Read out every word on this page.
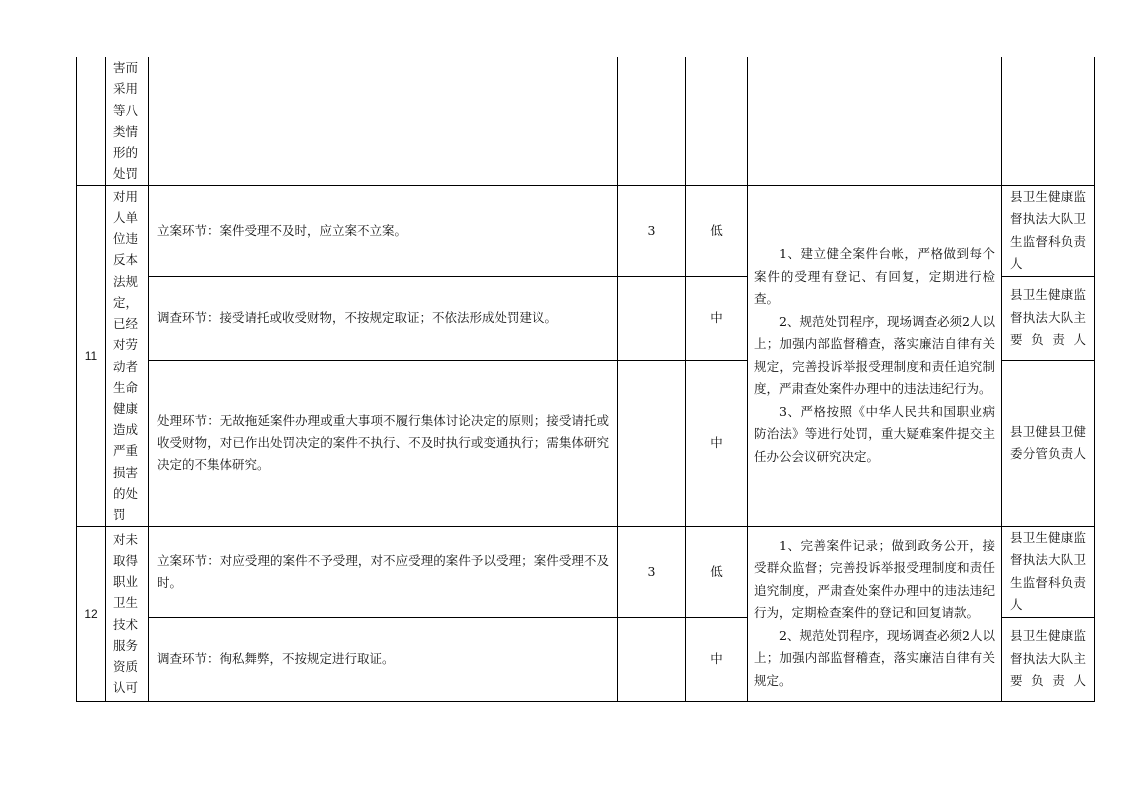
	害而采用等八类情形的处罚					

11	对用人单位违反本法规定，已经对劳动者生命健康造成严重损害的处罚	立案环节：案件受理不及时，应立案不立案。	3	低	1、建立健全案件台帐，严格做到每个案件的受理有登记、有回复，定期进行检查。

2、规范处罚程序，现场调查必须2人以上；加强内部监督稽查，落实廉洁自律有关规定，完善投诉举报受理制度和责任追究制度，严肃查处案件办理中的违法违纪行为。

3、严格按照《中华人民共和国职业病防治法》等进行处罚，重大疑难案件提交主任办公会议研究决定。	县卫生健康监督执法大队卫生监督科负责人
		调查环节：接受请托或收受财物，不按规定取证；不依法形成处罚建议。		中		县卫生健康监督执法大队主要负责人
		处理环节：无故拖延案件办理或重大事项不履行集体讨论决定的原则；接受请托或收受财物，对已作出处罚决定的案件不执行、不及时执行或变通执行；需集体研究决定的不集体研究。		中		县卫健县卫健委分管负责人
12	对未取得职业卫生技术服务资质认可	立案环节：对应受理的案件不予受理，对不应受理的案件予以受理；案件受理不及时。	3	低	1、完善案件记录；做到政务公开，接受群众监督；完善投诉举报受理制度和责任追究制度，严肃查处案件办理中的违法违纪行为，定期检查案件的登记和回复请款。

2、规范处罚程序，现场调查必须2人以上；加强内部监督稽查，落实廉洁自律有关规定。	县卫生健康监督执法大队卫生监督科负责人
		调查环节：徇私舞弊，不按规定进行取证。		中		县卫生健康监督执法大队主要负责人
